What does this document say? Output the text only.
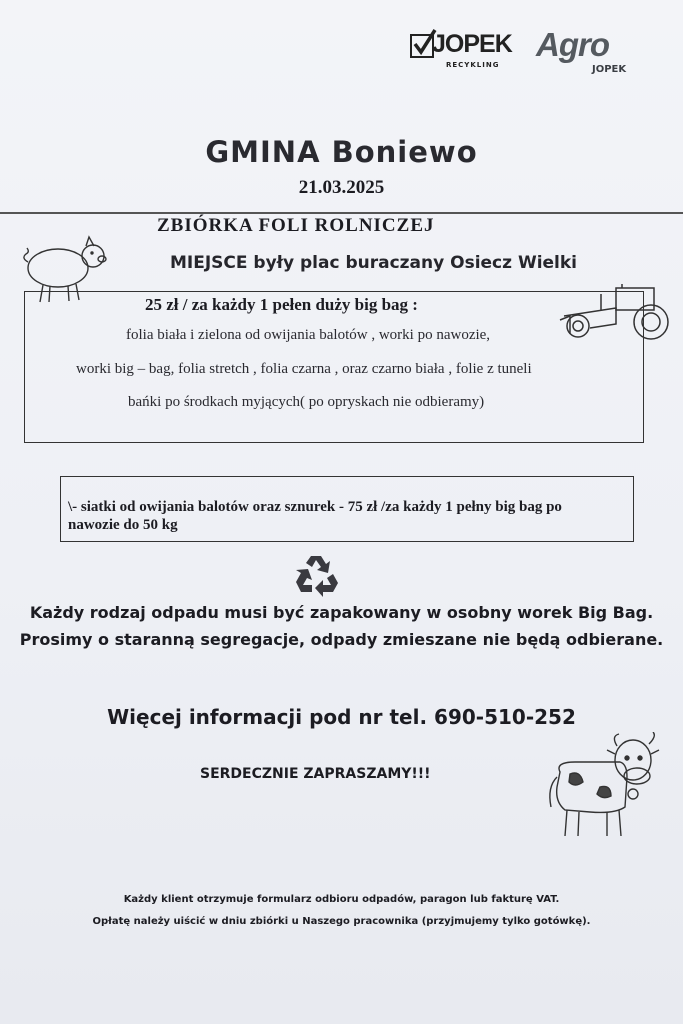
JOPEK
RECYKLING
Agro
JOPEK
GMINA Boniewo
21.03.2025
ZBIÓRKA FOLI ROLNICZEJ
MIEJSCE były plac buraczany Osiecz Wielki
25 zł / za każdy 1 pełen duży big bag :
folia biała i zielona od owijania balotów , worki po nawozie,
worki big – bag, folia stretch , folia czarna , oraz czarno biała , folie z tuneli
bańki po środkach myjących( po opryskach nie odbieramy)
\- siatki od owijania balotów oraz sznurek - 75 zł /za każdy 1 pełny big bag po
nawozie do 50 kg
Każdy rodzaj odpadu musi być zapakowany w osobny worek Big Bag.
Prosimy o staranną segregacje, odpady zmieszane nie będą odbierane.
Więcej informacji pod nr tel. 690-510-252
SERDECZNIE ZAPRASZAMY!!!
Każdy klient otrzymuje formularz odbioru odpadów, paragon lub fakturę VAT.
Opłatę należy uiścić w dniu zbiórki u Naszego pracownika (przyjmujemy tylko gotówkę).
